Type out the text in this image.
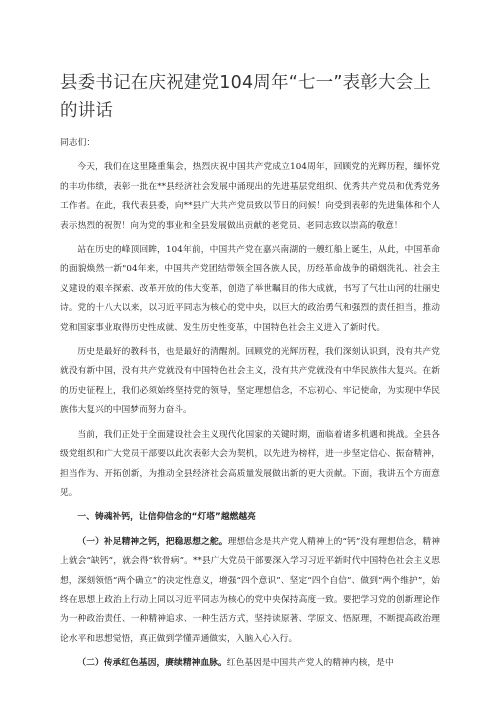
县委书记在庆祝建党104周年“七一”表彰大会上的讲话

同志们：

今天，我们在这里隆重集会，热烈庆祝中国共产党成立104周年，回顾党的光辉历程，缅怀党的丰功伟绩，表彰一批在**县经济社会发展中涌现出的先进基层党组织、优秀共产党员和优秀党务工作者。在此，我代表县委，向**县广大共产党员致以节日的问候！向受到表彰的先进集体和个人表示热烈的祝贺！向为党的事业和全县发展做出贡献的老党员、老同志致以崇高的敬意！

站在历史的峰顶回眸，104年前，中国共产党在嘉兴南湖的一艘红船上诞生，从此，中国革命的面貌焕然一新"04年来，中国共产党团结带领全国各族人民，历经革命战争的硝烟洗礼、社会主义建设的艰辛探索、改革开放的伟大变革，创造了举世瞩目的伟大成就，书写了气壮山河的壮丽史诗。党的十八大以来，以习近平同志为核心的党中央，以巨大的政治勇气和强烈的责任担当，推动党和国家事业取得历史性成就、发生历史性变革，中国特色社会主义进入了新时代。

历史是最好的教科书，也是最好的清醒剂。回顾党的光辉历程，我们深刻认识到，没有共产党就没有新中国，没有共产党就没有中国特色社会主义，没有共产党就没有中华民族伟大复兴。在新的历史征程上，我们必须始终坚持党的领导，坚定理想信念，不忘初心、牢记使命，为实现中华民族伟大复兴的中国梦而努力奋斗。

当前，我们正处于全面建设社会主义现代化国家的关键时期，面临着诸多机遇和挑战。全县各级党组织和广大党员干部要以此次表彰大会为契机，以先进为榜样，进一步坚定信心、振奋精神，担当作为、开拓创新，为推动全县经济社会高质量发展做出新的更大贡献。下面，我讲五个方面意见。

一、铸魂补钙，让信仰信念的“灯塔”越燃越亮

（一）补足精神之钙，把稳思想之舵。理想信念是共产党人精神上的“钙”没有理想信念，精神上就会“缺钙”，就会得“软骨病”。**县广大党员干部要深入学习习近平新时代中国特色社会主义思想，深刻领悟“两个确立”的决定性意义，增强“四个意识”、坚定“四个自信”、做到“两个维护”，始终在思想上政治上行动上同以习近平同志为核心的党中央保持高度一致。要把学习党的创新理论作为一种政治责任、一种精神追求、一种生活方式，坚持读原著、学原文、悟原理，不断提高政治理论水平和思想觉悟，真正做到学懂弄通做实，入脑入心入行。

（二）传承红色基因，赓续精神血脉。红色基因是中国共产党人的精神内核，是中
